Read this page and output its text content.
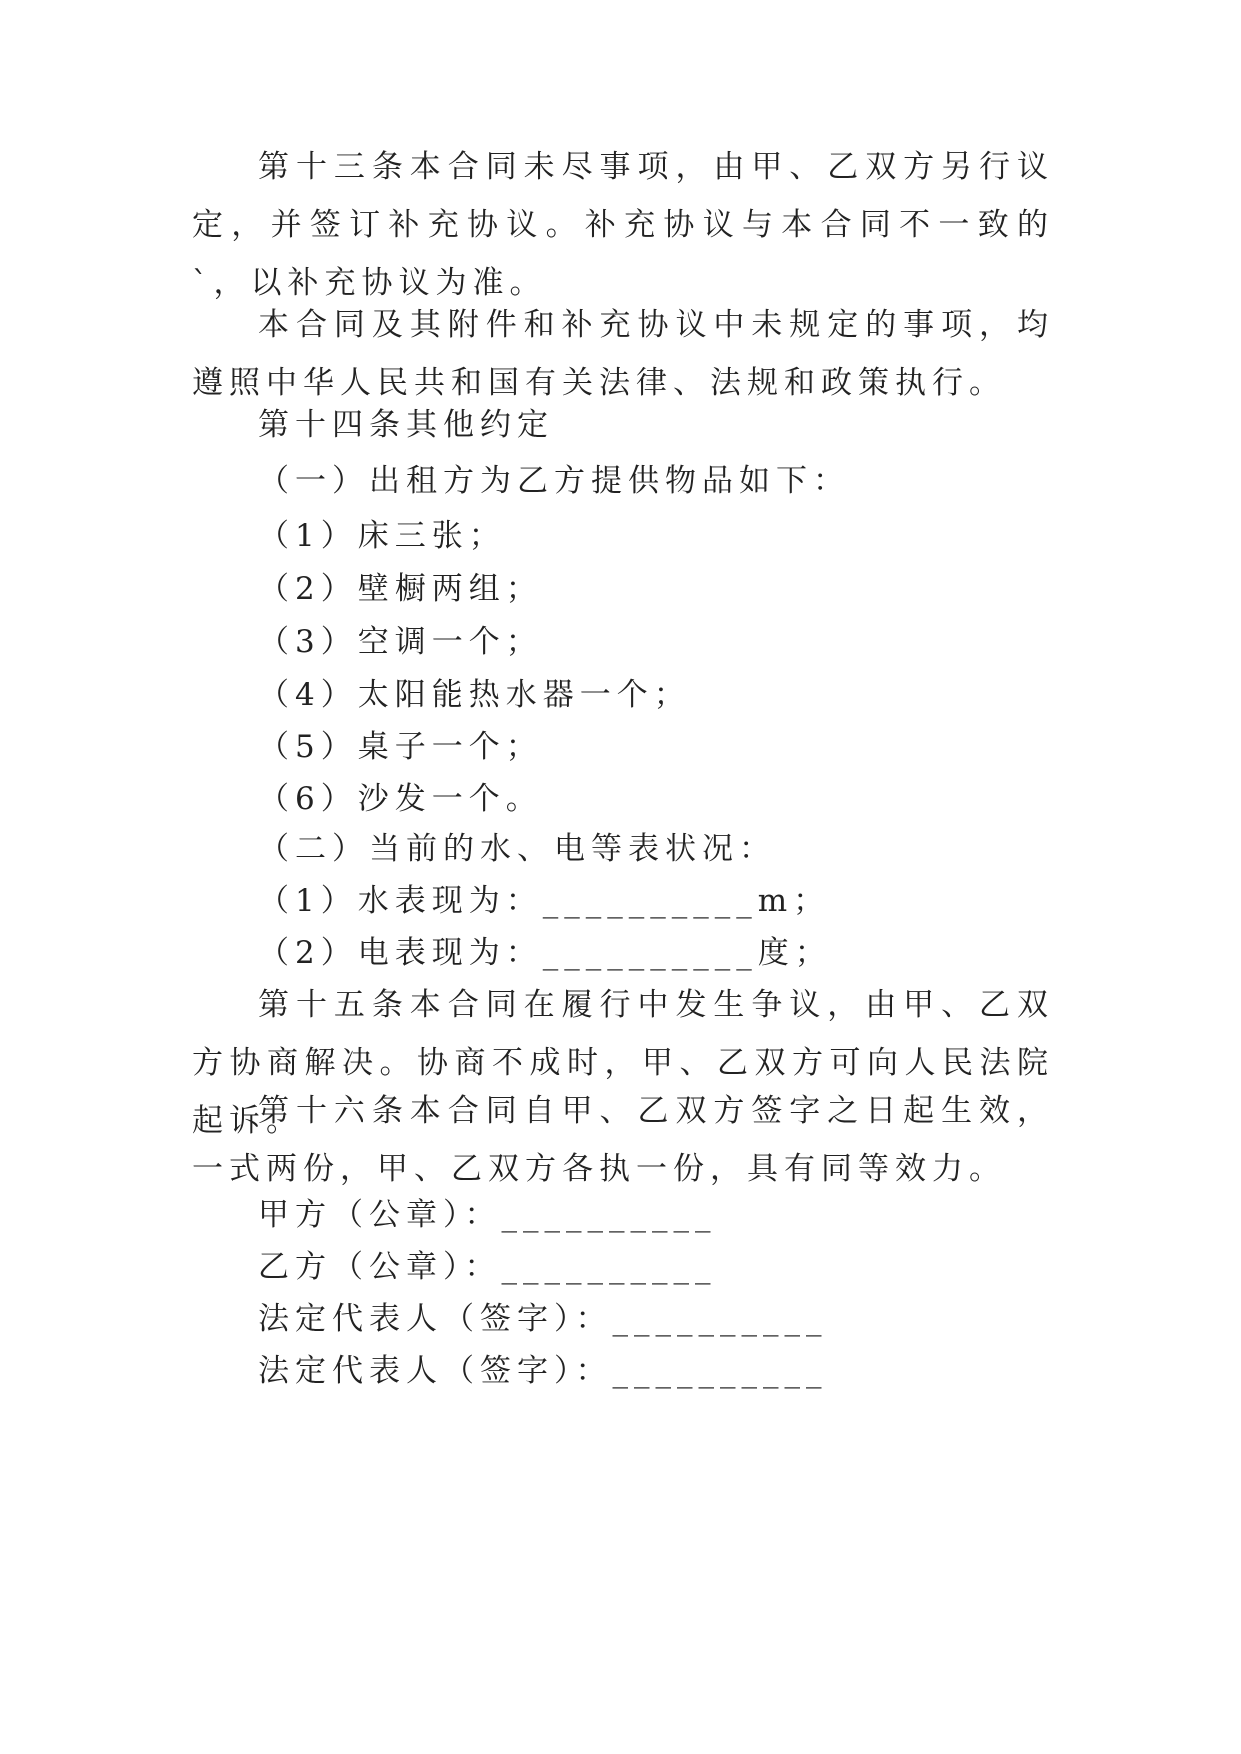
第十三条本合同未尽事项，由甲、乙双方另行议定，并签订补充协议。补充协议与本合同不一致的`，以补充协议为准。

本合同及其附件和补充协议中未规定的事项，均遵照中华人民共和国有关法律、法规和政策执行。

第十四条其他约定

（一）出租方为乙方提供物品如下：

（1）床三张；

（2）壁橱两组；

（3）空调一个；

（4）太阳能热水器一个；

（5）桌子一个；

（6）沙发一个。

（二）当前的水、电等表状况：

（1）水表现为：__________m；

（2）电表现为：__________度；

第十五条本合同在履行中发生争议，由甲、乙双方协商解决。协商不成时，甲、乙双方可向人民法院起诉。

第十六条本合同自甲、乙双方签字之日起生效，一式两份，甲、乙双方各执一份，具有同等效力。

甲方（公章）：__________

乙方（公章）：__________

法定代表人（签字）：__________

法定代表人（签字）：__________
